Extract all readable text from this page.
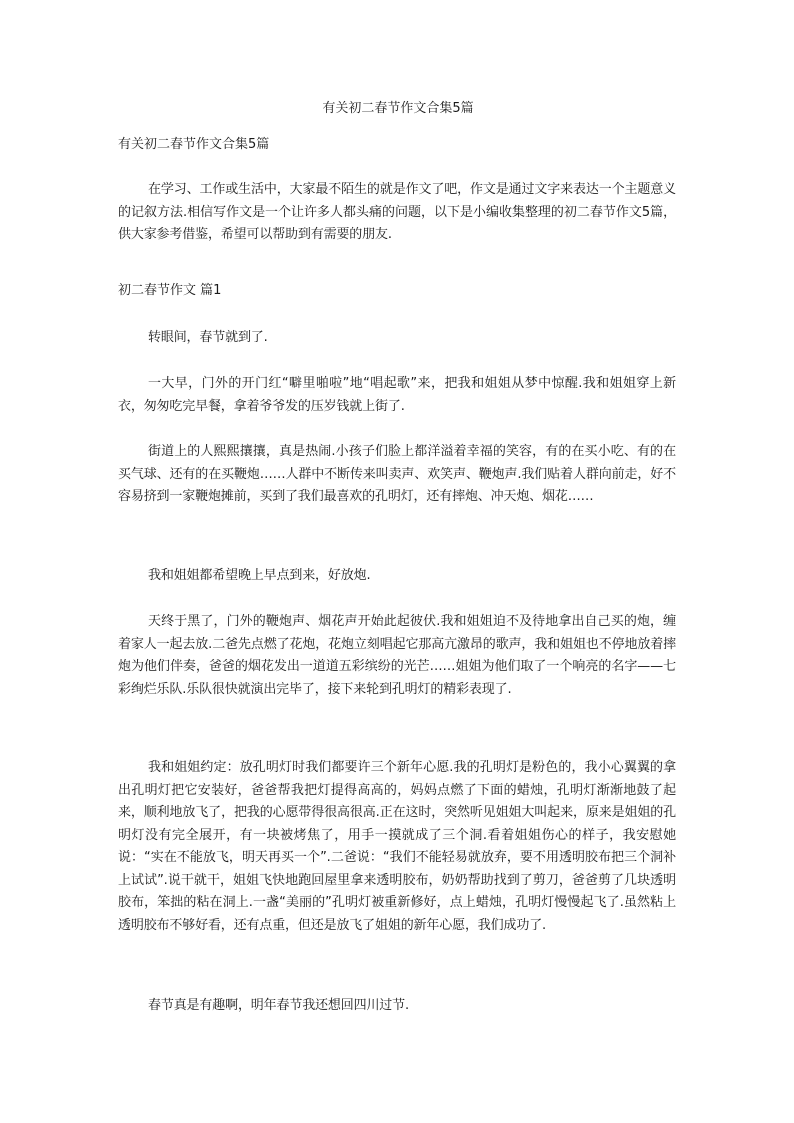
有关初二春节作文合集5篇
有关初二春节作文合集5篇
在学习、工作或生活中，大家最不陌生的就是作文了吧，作文是通过文字来表达一个主题意义的记叙方法.相信写作文是一个让许多人都头痛的问题，以下是小编收集整理的初二春节作文5篇，供大家参考借鉴，希望可以帮助到有需要的朋友.
初二春节作文 篇1
转眼间，春节就到了.
一大早，门外的开门红“噼里啪啦”地“唱起歌”来，把我和姐姐从梦中惊醒.我和姐姐穿上新衣，匆匆吃完早餐，拿着爷爷发的压岁钱就上街了.
街道上的人熙熙攘攘，真是热闹.小孩子们脸上都洋溢着幸福的笑容，有的在买小吃、有的在买气球、还有的在买鞭炮……人群中不断传来叫卖声、欢笑声、鞭炮声.我们贴着人群向前走，好不容易挤到一家鞭炮摊前，买到了我们最喜欢的孔明灯，还有摔炮、冲天炮、烟花……
我和姐姐都希望晚上早点到来，好放炮.
天终于黑了，门外的鞭炮声、烟花声开始此起彼伏.我和姐姐迫不及待地拿出自己买的炮，缠着家人一起去放.二爸先点燃了花炮，花炮立刻唱起它那高亢激昂的歌声，我和姐姐也不停地放着摔炮为他们伴奏，爸爸的烟花发出一道道五彩缤纷的光芒……姐姐为他们取了一个响亮的名字——七彩绚烂乐队.乐队很快就演出完毕了，接下来轮到孔明灯的精彩表现了.
我和姐姐约定：放孔明灯时我们都要许三个新年心愿.我的孔明灯是粉色的，我小心翼翼的拿出孔明灯把它安装好，爸爸帮我把灯提得高高的，妈妈点燃了下面的蜡烛，孔明灯渐渐地鼓了起来，顺利地放飞了，把我的心愿带得很高很高.正在这时，突然听见姐姐大叫起来，原来是姐姐的孔明灯没有完全展开，有一块被烤焦了，用手一摸就成了三个洞.看着姐姐伤心的样子，我安慰她说：“实在不能放飞，明天再买一个”.二爸说：“我们不能轻易就放弃，要不用透明胶布把三个洞补上试试”.说干就干，姐姐飞快地跑回屋里拿来透明胶布，奶奶帮助找到了剪刀，爸爸剪了几块透明胶布，笨拙的粘在洞上.一盏“美丽的”孔明灯被重新修好，点上蜡烛，孔明灯慢慢起飞了.虽然粘上透明胶布不够好看，还有点重，但还是放飞了姐姐的新年心愿，我们成功了.
春节真是有趣啊，明年春节我还想回四川过节.
